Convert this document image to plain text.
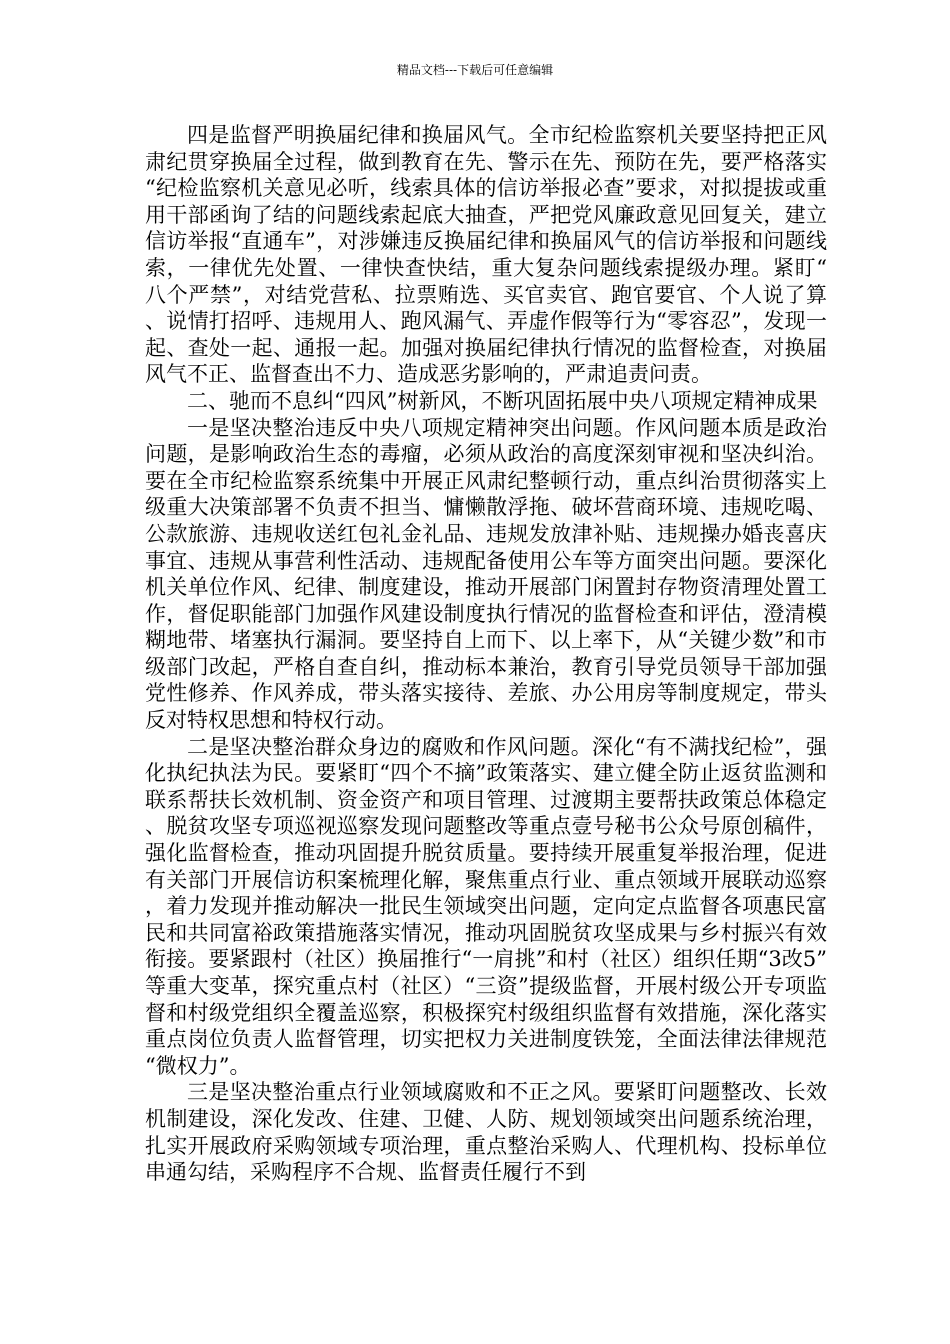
精品文档---下载后可任意编辑

四是监督严明换届纪律和换届风气。全市纪检监察机关要坚持把正风肃纪贯穿换届全过程，做到教育在先、警示在先、预防在先，要严格落实“纪检监察机关意见必听，线索具体的信访举报必查”要求，对拟提拔或重用干部函询了结的问题线索起底大抽查，严把党风廉政意见回复关，建立信访举报“直通车”，对涉嫌违反换届纪律和换届风气的信访举报和问题线索，一律优先处置、一律快查快结，重大复杂问题线索提级办理。紧盯“八个严禁”，对结党营私、拉票贿选、买官卖官、跑官要官、个人说了算、说情打招呼、违规用人、跑风漏气、弄虚作假等行为“零容忍”，发现一起、查处一起、通报一起。加强对换届纪律执行情况的监督检查，对换届风气不正、监督查出不力、造成恶劣影响的，严肃追责问责。

二、驰而不息纠“四风”树新风，不断巩固拓展中央八项规定精神成果

一是坚决整治违反中央八项规定精神突出问题。作风问题本质是政治问题，是影响政治生态的毒瘤，必须从政治的高度深刻审视和坚决纠治。要在全市纪检监察系统集中开展正风肃纪整顿行动，重点纠治贯彻落实上级重大决策部署不负责不担当、慵懒散浮拖、破坏营商环境、违规吃喝、公款旅游、违规收送红包礼金礼品、违规发放津补贴、违规操办婚丧喜庆事宜、违规从事营利性活动、违规配备使用公车等方面突出问题。要深化机关单位作风、纪律、制度建设，推动开展部门闲置封存物资清理处置工作，督促职能部门加强作风建设制度执行情况的监督检查和评估，澄清模糊地带、堵塞执行漏洞。要坚持自上而下、以上率下，从“关键少数”和市级部门改起，严格自查自纠，推动标本兼治，教育引导党员领导干部加强党性修养、作风养成，带头落实接待、差旅、办公用房等制度规定，带头反对特权思想和特权行动。

二是坚决整治群众身边的腐败和作风问题。深化“有不满找纪检”，强化执纪执法为民。要紧盯“四个不摘”政策落实、建立健全防止返贫监测和联系帮扶长效机制、资金资产和项目管理、过渡期主要帮扶政策总体稳定、脱贫攻坚专项巡视巡察发现问题整改等重点壹号秘书公众号原创稿件，强化监督检查，推动巩固提升脱贫质量。要持续开展重复举报治理，促进有关部门开展信访积案梳理化解，聚焦重点行业、重点领域开展联动巡察，着力发现并推动解决一批民生领域突出问题，定向定点监督各项惠民富民和共同富裕政策措施落实情况，推动巩固脱贫攻坚成果与乡村振兴有效衔接。要紧跟村（社区）换届推行“一肩挑”和村（社区）组织任期“3改5”等重大变革，探究重点村（社区）“三资”提级监督，开展村级公开专项监督和村级党组织全覆盖巡察，积极探究村级组织监督有效措施，深化落实重点岗位负责人监督管理，切实把权力关进制度铁笼，全面法律法律规范“微权力”。

三是坚决整治重点行业领域腐败和不正之风。要紧盯问题整改、长效机制建设，深化发改、住建、卫健、人防、规划领域突出问题系统治理，扎实开展政府采购领域专项治理，重点整治采购人、代理机构、投标单位串通勾结，采购程序不合规、监督责任履行不到
